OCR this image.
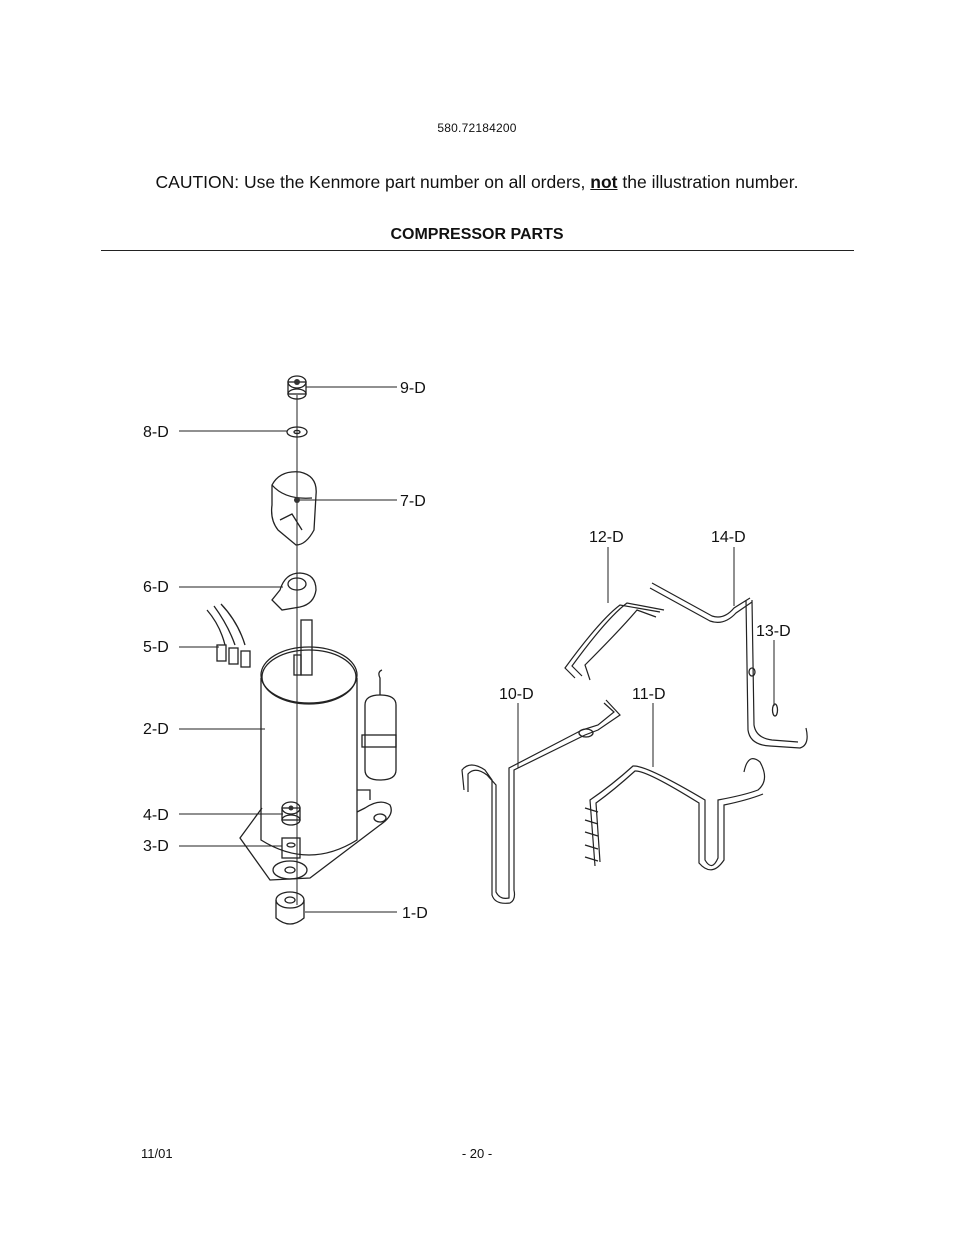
580.72184200
CAUTION: Use the Kenmore part number on all orders, not the illustration number.
COMPRESSOR PARTS
9-D
8-D
7-D
6-D
5-D
2-D
4-D
3-D
1-D
12-D	14-D
13-D
10-D	11-D
11/01	- 20 -
